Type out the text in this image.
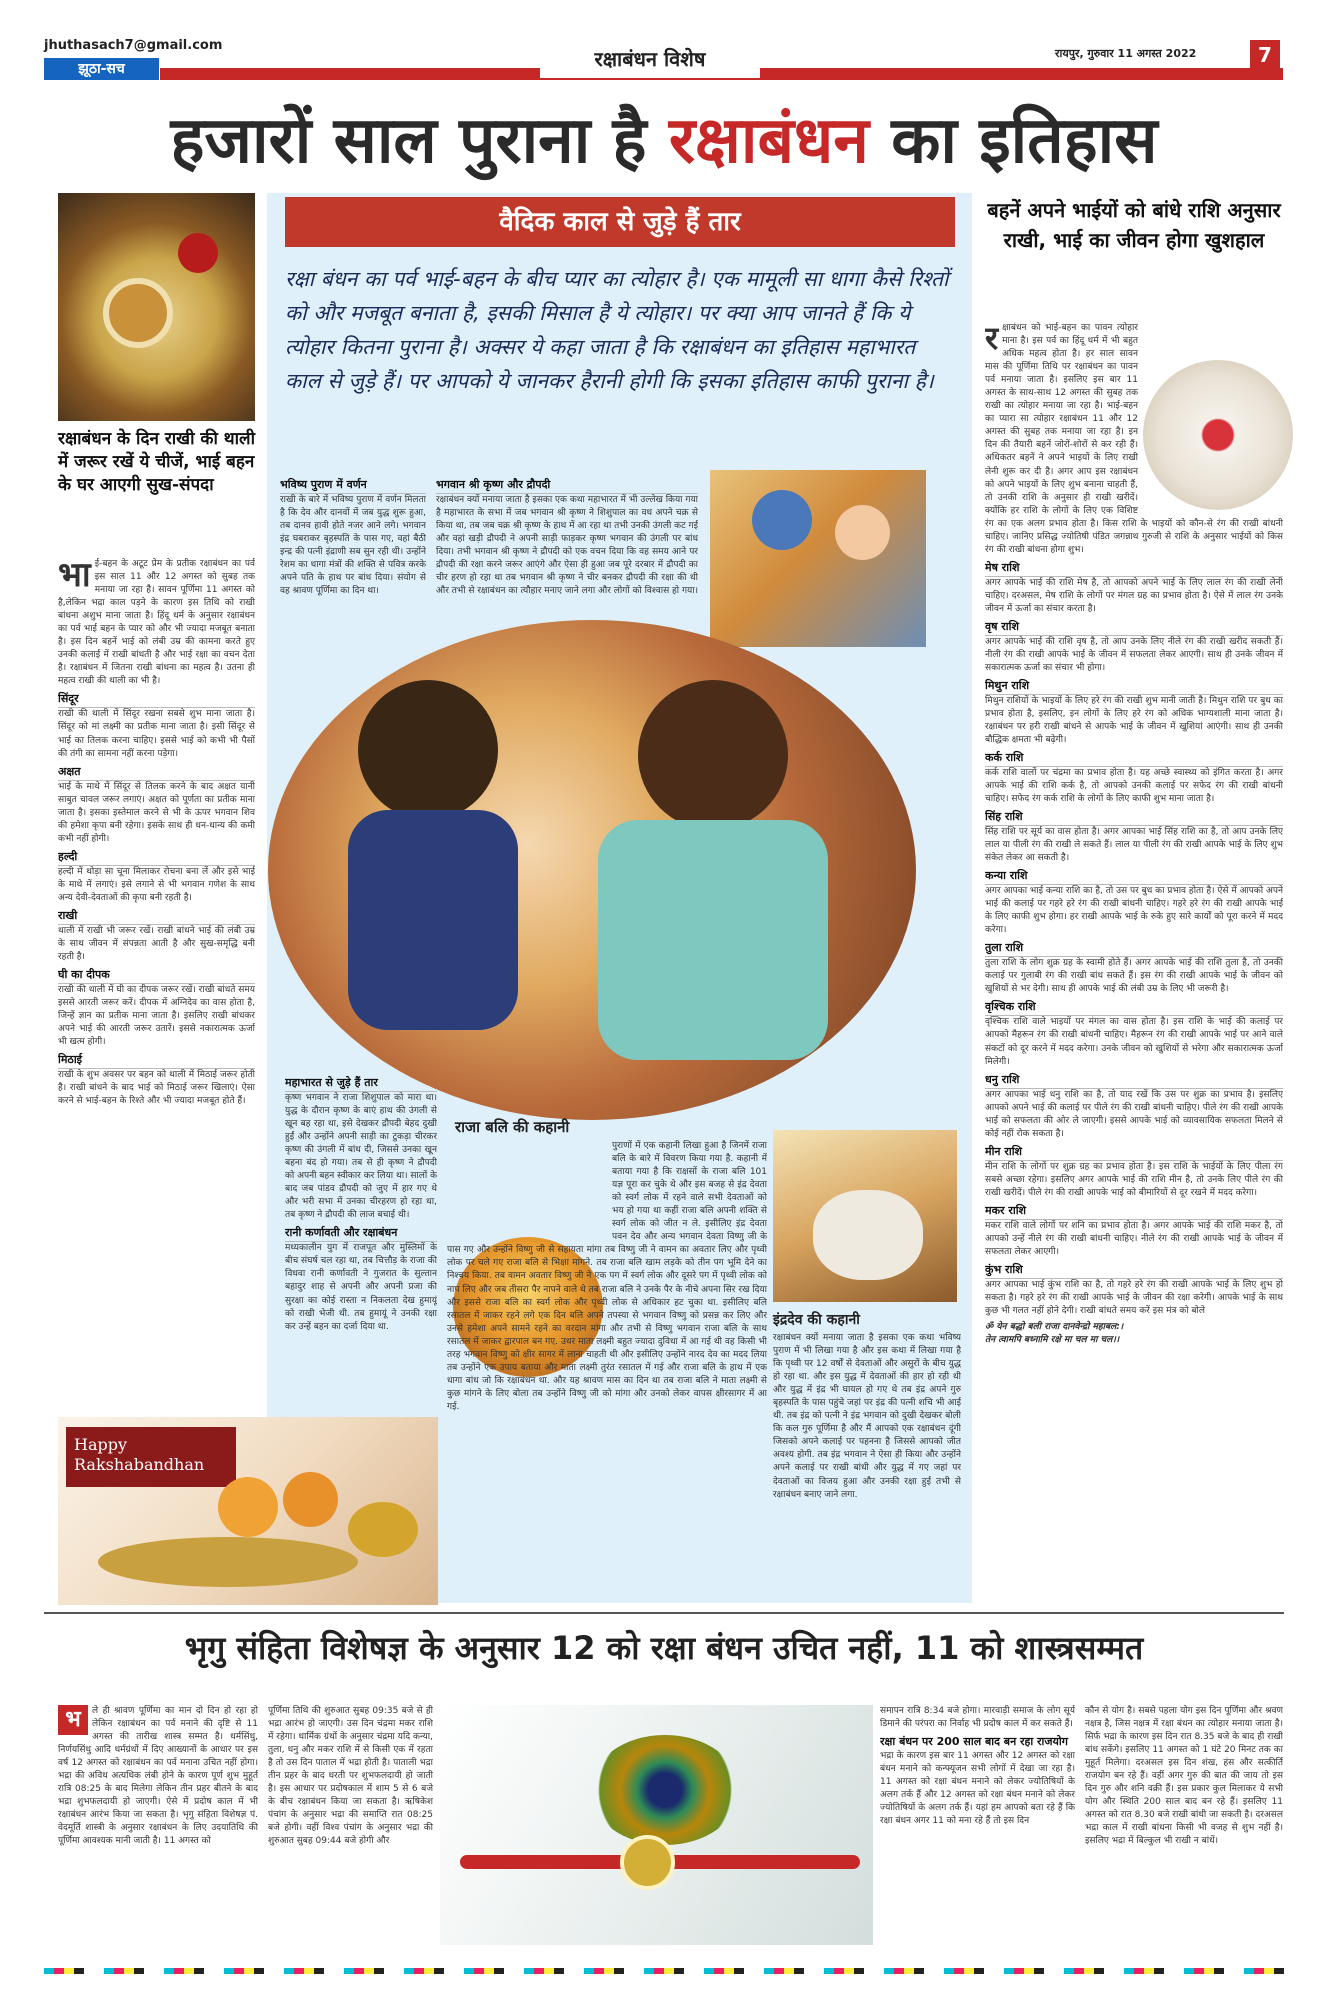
jhuthasach7@gmail.com
झूठा-सच	रक्षाबंधन विशेष	रायपुर, गुरुवार 11 अगस्त 2022	7
हजारों साल पुराना है रक्षाबंधन का इतिहास
रक्षाबंधन के दिन राखी की थाली में जरूर रखें ये चीजें, भाई बहन के घर आएगी सुख-संपदा
भाई-बहन के अटूट प्रेम के प्रतीक रक्षाबंधन का पर्व इस साल 11 और 12 अगस्त को सुबह तक मनाया जा रहा है। सावन पूर्णिमा 11 अगस्त को है,लेकिन भद्रा काल पड़ने के कारण इस तिथि को राखी बांधना अशुभ माना जाता है। हिंदू धर्म के अनुसार रक्षाबंधन का पर्व भाई बहन के प्यार को और भी ज्यादा मजबूत बनाता है। इस दिन बहनें भाई को लंबी उम्र की कामना करते हुए उनकी कलाई में राखी बांधती है और भाई रक्षा का वचन देता है। रक्षाबंधन में जितना राखी बांधना का महत्व है। उतना ही महत्व राखी की थाली का भी है।
सिंदूर
राखी की थाली में सिंदूर रखना सबसे शुभ माना जाता है। सिंदूर को मां लक्ष्मी का प्रतीक माना जाता है। इसी सिंदूर से भाई का तिलक करना चाहिए। इससे भाई को कभी भी पैसों की तंगी का सामना नहीं करना पड़ेगा।
अक्षत
भाई के माथे में सिंदूर से तिलक करने के बाद अक्षत यानी साबुत चावल जरूर लगाएं। अक्षत को पूर्णता का प्रतीक माना जाता है। इसका इस्तेमाल करने से भी के ऊपर भगवान शिव की हमेशा कृपा बनी रहेगा। इसके साथ ही धन-धान्य की कमी कभी नहीं होगी।
हल्दी
हल्दी में थोड़ा सा चूना मिलाकर रोचना बना लें और इसे भाई के माथे में लगाएं। इसे लगाने से भी भगवान गणेश के साथ अन्य देवी-देवताओं की कृपा बनी रहती है।
राखी
थाली में राखी भी जरूर रखें। राखी बांधने भाई की लंबी उम्र के साथ जीवन में संपन्नता आती है और सुख-समृद्धि बनी रहती है।
घी का दीपक
राखी की थाली में घी का दीपक जरूर रखें। राखी बांधते समय इससे आरती जरूर करें। दीपक में अग्निदेव का वास होता है, जिन्हें ज्ञान का प्रतीक माना जाता है। इसलिए राखी बांधकर अपने भाई की आरती जरूर उतारें। इससे नकारात्मक ऊर्जा भी खत्म होगी।
मिठाई
राखी के शुभ अवसर पर बहन को थाली में मिठाई जरूर होती है। राखी बांधने के बाद भाई को मिठाई जरूर खिलाएं। ऐसा करने से भाई-बहन के रिश्ते और भी ज्यादा मजबूत होते हैं।
वैदिक काल से जुड़े हैं तार
रक्षा बंधन का पर्व भाई-बहन के बीच प्यार का त्योहार है। एक मामूली सा धागा कैसे रिश्तों को और मजबूत बनाता है, इसकी मिसाल है ये त्योहार। पर क्या आप जानते हैं कि ये त्योहार कितना पुराना है। अक्सर ये कहा जाता है कि रक्षाबंधन का इतिहास महाभारत काल से जुड़े हैं। पर आपको ये जानकर हैरानी होगी कि इसका इतिहास काफी पुराना है।
भविष्य पुराण में वर्णन
राखी के बारे में भविष्य पुराण में वर्णन मिलता है कि देव और दानवों में जब युद्ध शुरू हुआ, तब दानव हावी होते नजर आने लगे। भगवान इंद्र घबराकर बृहस्पति के पास गए, वहां बैठी इन्द्र की पत्नी इंद्राणी सब सुन रही थी। उन्होंने रेशम का धागा मंत्रों की शक्ति से पवित्र करके अपने पति के हाथ पर बांध दिया। संयोग से वह श्रावण पूर्णिमा का दिन था।
भगवान श्री कृष्ण और द्रौपदी
रक्षाबंधन क्यों मनाया जाता है इसका एक कथा महाभारत में भी उल्लेख किया गया है महाभारत के सभा में जब भगवान श्री कृष्ण ने शिशुपाल का वध अपने चक्र से किया था, तब जब चक्र श्री कृष्ण के हाथ में आ रहा था तभी उनकी उंगली कट गई और वहां खड़ी द्रौपदी ने अपनी साड़ी फाड़कर कृष्ण भगवान की उंगली पर बांध दिया। तभी भगवान श्री कृष्ण ने द्रौपदी को एक वचन दिया कि वह समय आने पर द्रौपदी की रक्षा करने जरूर आएंगे और ऐसा ही हुआ जब पूरे दरबार में द्रौपदी का चीर हरण हो रहा था तब भगवान श्री कृष्ण ने चीर बनकर द्रौपदी की रक्षा की थी और तभी से रक्षाबंधन का त्यौहार मनाए जाने लगा और लोगों को विश्वास हो गया।
महाभारत से जुड़े हैं तार
कृष्ण भगवान ने राजा शिशुपाल को मारा था। युद्ध के दौरान कृष्ण के बाएं हाथ की उंगली से खून बह रहा था, इसे देखकर द्रौपदी बेहद दुखी हुईं और उन्होंने अपनी साड़ी का टुकड़ा चीरकर कृष्ण की उंगली में बांध दी, जिससे उनका खून बहना बंद हो गया। तब से ही कृष्ण ने द्रौपदी को अपनी बहन स्वीकार कर लिया था। सालों के बाद जब पांडव द्रौपदी को जुए में हार गए थे और भरी सभा में उनका चीरहरण हो रहा था, तब कृष्ण ने द्रौपदी की लाज बचाई थी।
रानी कर्णावती और रक्षाबंधन
मध्यकालीन युग में राजपूत और मुस्लिमों के बीच संघर्ष चल रहा था, तब चित्तौड़ के राजा की विधवा रानी कर्णावती ने गुजरात के सुल्तान बहादुर शाह से अपनी और अपनी प्रजा की सुरक्षा का कोई रास्ता न निकलता देख हुमायूं को राखी भेजी थी. तब हुमायूं ने उनकी रक्षा कर उन्हें बहन का दर्जा दिया था.
राजा बलि की कहानी
पुराणों में एक कहानी लिखा हुआ है जिनमें राजा बलि के बारे में विवरण किया गया है. कहानी में बताया गया है कि राक्षसों के राजा बलि 101 यज्ञ पूरा कर चुके थे और इस बजह से इंद्र देवता को स्वर्ग लोक में रहने वाले सभी देवताओं को भय हो गया था कहीं राजा बलि अपनी शक्ति से स्वर्ग लोक को जीत न ले. इसीलिए इंद्र देवता पवन देव और अन्य भगवान देवता विष्णु जी के पास गए और उन्होंने विष्णु जी से सहायता मांगा तब विष्णु जी ने वामन का अवतार लिए और पृथ्वी लोक पर चले गए राजा बलि से भिक्षा मांगने. तब राजा बलि खाम लड़के को तीन पग भूमि देने का निश्चय किया. तब वामन अवतार विष्णु जी ने एक पग में स्वर्ग लोक और दूसरे पग में पृथ्वी लोक को नाप लिए और जब तीसरा पैर नापने वाले थे तब राजा बलि ने उनके पैर के नीचे अपना सिर रख दिया और इससे राजा बलि का स्वर्ग लोक और पृथ्वी लोक से अधिकार हट चुका था. इसीलिए बलि रसातल में जाकर रहने लगे एक दिन बलि अपने तपस्या से भगवान विष्णु को प्रसन्न कर लिए और उनसे हमेशा अपने सामने रहने का वरदान मांगा और तभी से विष्णु भगवान राजा बलि के साथ रसातल में जाकर द्वारपाल बन गए. उधर माता लक्ष्मी बहुत ज्यादा दुविधा में आ गई थी वह किसी भी तरह भगवान विष्णु को क्षीर सागर में लाना चाहती थी और इसीलिए उन्होंने नारद देव का मदद लिया तब उन्होंने एक उपाय बताया और माता लक्ष्मी तुरंत रसातल में गई और राजा बलि के हाथ में एक धागा बांध जो कि रक्षाबंधन था. और यह श्रावण मास का दिन था तब राजा बलि ने माता लक्ष्मी से कुछ मांगने के लिए बोला तब उन्होंने विष्णु जी को मांगा और उनको लेकर वापस क्षीरसागर में आ गई.
इंद्रदेव की कहानी
रक्षाबंधन क्यों मनाया जाता है इसका एक कथा भविष्य पुराण में भी लिखा गया है और इस कथा में लिखा गया है कि पृथ्वी पर 12 वर्षों से देवताओं और असुरों के बीच युद्ध हो रहा था. और इस युद्ध में देवताओं की हार हो रही थी और युद्ध में इंद्र भी घायल हो गए थे तब इंद्र अपने गुरु बृहस्पति के पास पहुंचे जहां पर इंद्र की पत्नी शचि भी आई थी. तब इंद्र को पत्नी ने इंद्र भगवान को दुखी देखकर बोली कि कल गुरु पूर्णिमा है और मैं आपको एक रक्षाबंधन दूंगी जिसको अपने कलाई पर पहनना है जिससे आपको जीत अवश्य होगी. तब इंद्र भगवान ने ऐसा ही किया और उन्होंने अपने कलाई पर राखी बांधी और युद्ध में गए जहां पर देवताओं का विजय हुआ और उनकी रक्षा हुई तभी से रक्षाबंधन बनाए जाने लगा.
Happy
Rakshabandhan
बहनें अपने भाईयों को बांधे राशि अनुसार राखी, भाई का जीवन होगा खुशहाल
रक्षाबंधन को भाई-बहन का पावन त्योहार माना है। इस पर्व का हिंदू धर्म में भी बहुत अधिक महत्व होता है। हर साल सावन मास की पूर्णिमा तिथि पर रक्षाबंधन का पावन पर्व मनाया जाता है। इसलिए इस बार 11 अगस्त के साथ-साथ 12 अगस्त की सुबह तक राखी का त्योहार मनाया जा रहा है। भाई-बहन का प्यारा सा त्योहार रक्षाबंधन 11 और 12 अगस्त की सुबह तक मनाया जा रहा है। इन दिन की तैयारी बहनें जोरों-शोरों से कर रही हैं। अधिकतर बहनें ने अपने भाइयों के लिए राखी लेनी शुरू कर दी है। अगर आप इस रक्षाबंधन को अपने भाइयों के लिए शुभ बनाना चाहती हैं, तो उनकी राशि के अनुसार ही राखी खरीदें। क्योंकि हर राशि के लोगों के लिए एक विशिष्ट रंग का एक अलग प्रभाव होता है। किस राशि के भाइयों को कौन-से रंग की राखी बांधनी चाहिए। जानिए प्रसिद्ध ज्योतिषी पंडित जगन्नाथ गुरुजी से राशि के अनुसार भाईयों को किस रंग की राखी बांधना होगा शुभ।
मेष राशि
अगर आपके भाई की राशि मेष है, तो आपको अपने भाई के लिए लाल रंग की राखी लेनी चाहिए। दरअसल, मेष राशि के लोगों पर मंगल ग्रह का प्रभाव होता है। ऐसे में लाल रंग उनके जीवन में ऊर्जा का संचार करता है।
वृष राशि
अगर आपके भाई की राशि वृष है, तो आप उनके लिए नीले रंग की राखी खरीद सकती हैं। नीली रंग की राखी आपके भाई के जीवन में सफलता लेकर आएगी। साथ ही उनके जीवन में सकारात्मक ऊर्जा का संचार भी होगा।
मिथुन राशि
मिथुन राशियों के भाइयों के लिए हरे रंग की राखी शुभ मानी जाती है। मिथुन राशि पर बुध का प्रभाव होता है, इसलिए, इन लोगों के लिए हरे रंग को अधिक भाग्यशाली माना जाता है। रक्षाबंधन पर हरी राखी बांधने से आपके भाई के जीवन में खुशियां आएंगी। साथ ही उनकी बौद्धिक क्षमता भी बढ़ेगी।
कर्क राशि
कर्क राशि वालों पर चंद्रमा का प्रभाव होता है। यह अच्छे स्वास्थ्य को इंगित करता है। अगर आपके भाई की राशि कर्क है, तो आपको उनकी कलाई पर सफेद रंग की राखी बांधनी चाहिए। सफेद रंग कर्क राशि के लोगों के लिए काफी शुभ माना जाता है।
सिंह राशि
सिंह राशि पर सूर्य का वास होता है। अगर आपका भाई सिंह राशि का है, तो आप उनके लिए लाल या पीली रंग की राखी ले सकते हैं। लाल या पीली रंग की राखी आपके भाई के लिए शुभ संकेत लेकर आ सकती है।
कन्या राशि
अगर आपका भाई कन्या राशि का है, तो उस पर बुध का प्रभाव होता है। ऐसे में आपको अपने भाई की कलाई पर गहरे हरे रंग की राखी बांधनी चाहिए। गहरे हरे रंग की राखी आपके भाई के लिए काफी शुभ होगा। हर राखी आपके भाई के रुके हुए सारे कार्यों को पूरा करने में मदद करेगा।
तुला राशि
तुला राशि के लोग शुक्र ग्रह के स्वामी होते हैं। अगर आपके भाई की राशि तुला है, तो उनकी कलाई पर गुलाबी रंग की राखी बांध सकते हैं। इस रंग की राखी आपके भाई के जीवन को खुशियों से भर देगी। साथ ही आपके भाई की लंबी उम्र के लिए भी जरूरी है।
वृश्चिक राशि
वृश्चिक राशि वाले भाइयों पर मंगल का वास होता है। इस राशि के भाई की कलाई पर आपको मैहरून रंग की राखी बांधनी चाहिए। मैहरून रंग की राखी आपके भाई पर आने वाले संकटों को दूर करने में मदद करेगा। उनके जीवन को खुशियों से भरेगा और सकारात्मक ऊर्जा मिलेगी।
धनु राशि
अगर आपका भाई धनु राशि का है, तो याद रखें कि उस पर शुक्र का प्रभाव है। इसलिए आपको अपने भाई की कलाई पर पीले रंग की राखी बांधनी चाहिए। पीले रंग की राखी आपके भाई को सफलता की ओर ले जाएगी। इससे आपके भाई को व्यावसायिक सफलता मिलने से कोई नहीं रोक सकता है।
मीन राशि
मीन राशि के लोगों पर शुक्र ग्रह का प्रभाव होता है। इस राशि के भाईयों के लिए पीला रंग सबसे अच्छा रहेगा। इसलिए अगर आपके भाई की राशि मीन है, तो उनके लिए पीले रंग की राखी खरीदें। पीले रंग की राखी आपके भाई को बीमारियों से दूर रखने में मदद करेगा।
मकर राशि
मकर राशि वाले लोगों पर शनि का प्रभाव होता है। अगर आपके भाई की राशि मकर है, तो आपको उन्हें नीले रंग की राखी बांधनी चाहिए। नीले रंग की राखी आपके भाई के जीवन में सफलता लेकर आएगी।
कुंभ राशि
अगर आपका भाई कुंभ राशि का है, तो गहरे हरे रंग की राखी आपके भाई के लिए शुभ हो सकता है। गहरे हरे रंग की राखी आपके भाई के जीवन की रक्षा करेगी। आपके भाई के साथ कुछ भी गलत नहीं होने देगी। राखी बांधते समय करें इस मंत्र को बोले
ॐ येन बद्धो बली राजा दानवेन्द्रो महाबल:।
तेन त्वामपि बध्नामि रक्षे मा चल मा चल।।
भृगु संहिता विशेषज्ञ के अनुसार 12 को रक्षा बंधन उचित नहीं, 11 को शास्त्रसम्मत
भ	ले ही श्रावण पूर्णिमा का मान दो दिन हो रहा हो लेकिन रक्षाबंधन का पर्व मनाने की दृष्टि से 11 अगस्त की तारीख शास्त्र सम्मत है। धर्मसिंधु, निर्णयसिंधु आदि धर्मग्रंथों में दिए आख्यानों के आधार पर इस वर्ष 12 अगस्त को रक्षाबंधन का पर्व मनाना उचित नहीं होगा। भद्रा की अविध अत्यधिक लंबी होने के कारण पूर्ण शुभ मुहूर्त रात्रि 08:25 के बाद मिलेगा लेकिन तीन प्रहर बीतने के बाद भद्रा शुभफलदायी हो जाएगी। ऐसे में प्रदोष काल में भी रक्षाबंधन आरंभ किया जा सकता है। भृगु संहिता विशेषज्ञ पं. वेदमूर्ति शास्त्री के अनुसार रक्षाबंधन के लिए उदयातिथि की पूर्णिमा आवश्यक मानी जाती है। 11 अगस्त को
पूर्णिमा तिथि की शुरुआत सुबह 09:35 बजे से ही भद्रा आरंभ हो जाएगी। उस दिन चंद्रमा मकर राशि में रहेगा। धार्मिक ग्रंथों के अनुसार चंद्रमा यदि कन्या, तुला, धनु और मकर राशि में से किसी एक में रहता है तो उस दिन पाताल में भद्रा होती है। पाताली भद्रा तीन प्रहर के बाद धरती पर शुभफलदायी हो जाती है। इस आधार पर प्रदोषकाल में शाम 5 से 6 बजे के बीच रक्षाबंधन किया जा सकता है। ऋषिकेश पंचांग के अनुसार भद्रा की समाप्ति रात 08:25 बजे होगी। वहीं विश्व पंचांग के अनुसार भद्रा की शुरुआत सुबह 09:44 बजे होगी और
समापन रात्रि 8:34 बजे होगा। मारवाड़ी समाज के लोग सूर्य डिमाने की परंपरा का निर्वाह भी प्रदोष काल में कर सकते हैं।
रक्षा बंधन पर 200 साल बाद बन रहा राजयोग
भद्रा के कारण इस बार 11 अगस्त और 12 अगस्त को रक्षा बंधन मनाने को कन्फ्यूजन सभी लोगों में देखा जा रहा है। 11 अगस्त को रक्षा बंधन मनाने को लेकर ज्योतिषियों के अलग तर्क हैं और 12 अगस्त को रक्षा बंधन मनाने को लेकर ज्योतिषियों के अलग तर्क हैं। यहां हम आपको बता रहे हैं कि रक्षा बंधन अगर 11 को मना रहे हैं तो इस दिन
कौन से योग है। सबसे पहला योग इस दिन पूर्णिमा और श्रवण नक्षत्र है, जिस नक्षत्र में रक्षा बंधन का त्योहार मनाया जाता है। सिर्फ भद्रा के कारण इस दिन रात 8.35 बजे के बाद ही राखी बांध सकेंगे। इसलिए 11 अगस्त को 1 घंटे 20 मिनट तक का मुहूर्त मिलेगा। दरअसल इस दिन शंख, हंस और सत्कीर्ति राजयोग बन रहे हैं। वहीं अगर गुरु की बात की जाय तो इस दिन गुरु और शनि वक्री हैं। इस प्रकार कुल मिलाकर ये सभी योग और स्थिति 200 साल बाद बन रहे हैं। इसलिए 11 अगस्त को रात 8.30 बजे राखी बांधी जा सकती है। दरअसल भद्रा काल में राखी बांधना किसी भी वजह से शुभ नहीं है। इसलिए भद्रा में बिल्कुल भी राखी न बांधें।
